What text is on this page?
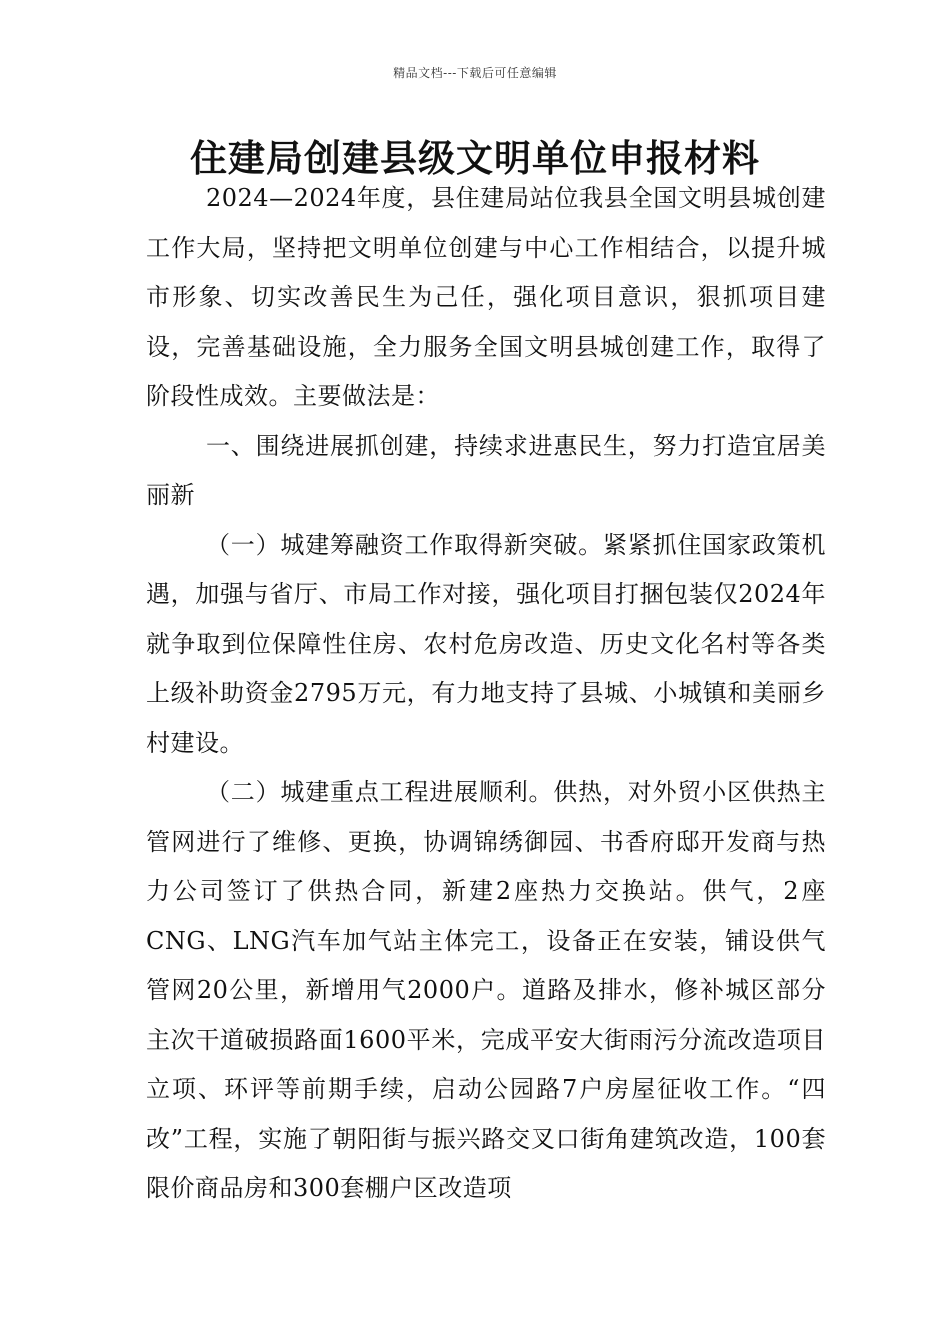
精品文档---下载后可任意编辑
住建局创建县级文明单位申报材料

2024—2024年度，县住建局站位我县全国文明县城创建工作大局，坚持把文明单位创建与中心工作相结合，以提升城市形象、切实改善民生为己任，强化项目意识，狠抓项目建设，完善基础设施，全力服务全国文明县城创建工作，取得了阶段性成效。主要做法是：

一、围绕进展抓创建，持续求进惠民生，努力打造宜居美丽新

（一）城建筹融资工作取得新突破。紧紧抓住国家政策机遇，加强与省厅、市局工作对接，强化项目打捆包装仅2024年就争取到位保障性住房、农村危房改造、历史文化名村等各类上级补助资金2795万元，有力地支持了县城、小城镇和美丽乡村建设。

（二）城建重点工程进展顺利。供热，对外贸小区供热主管网进行了维修、更换，协调锦绣御园、书香府邸开发商与热力公司签订了供热合同，新建2座热力交换站。供气，2座CNG、LNG汽车加气站主体完工，设备正在安装，铺设供气管网20公里，新增用气2000户。道路及排水，修补城区部分主次干道破损路面1600平米，完成平安大街雨污分流改造项目立项、环评等前期手续，启动公园路7户房屋征收工作。“四改”工程，实施了朝阳街与振兴路交叉口街角建筑改造，100套限价商品房和300套棚户区改造项
